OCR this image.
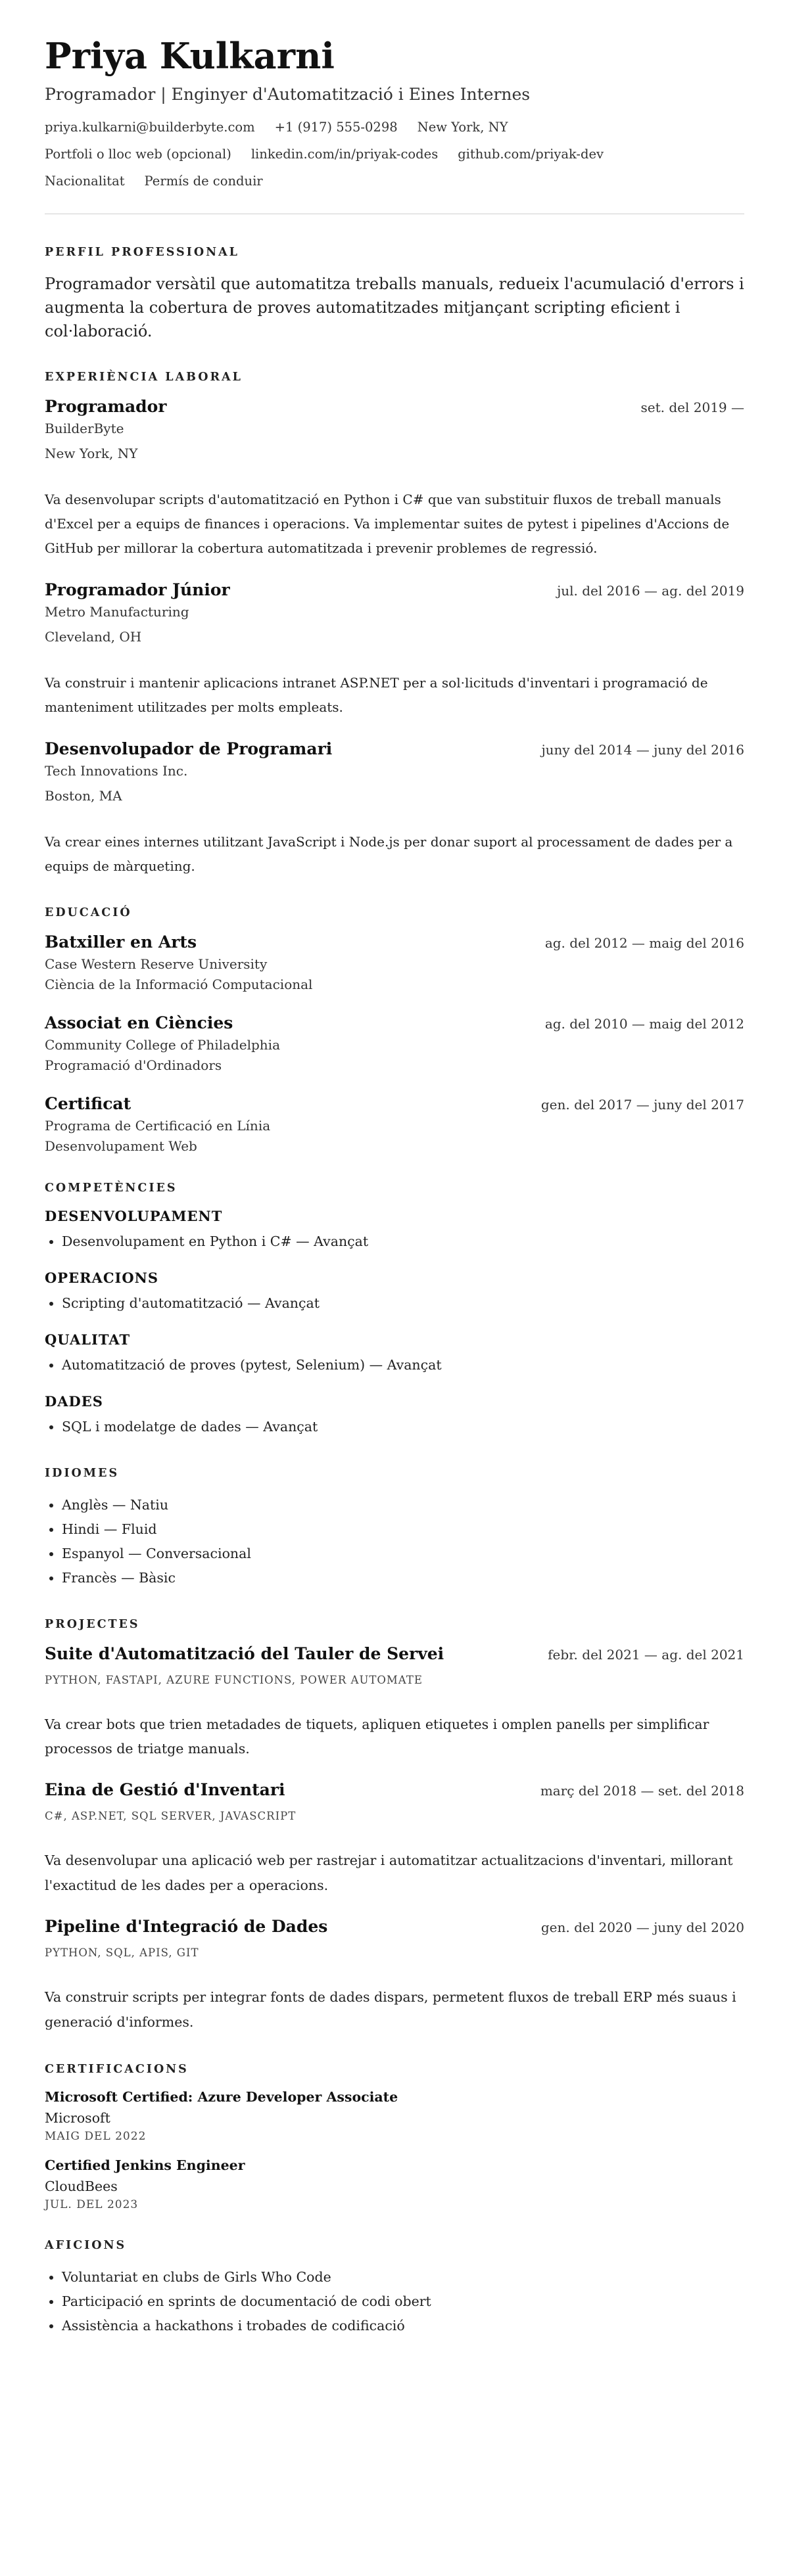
Priya Kulkarni
Programador | Enginyer d'Automatització i Eines Internes
priya.kulkarni@builderbyte.com +1 (917) 555-0298 New York, NY
Portfoli o lloc web (opcional) linkedin.com/in/priyak-codes github.com/priyak-dev
Nacionalitat Permís de conduir
PERFIL PROFESSIONAL

Programador versàtil que automatitza treballs manuals, redueix l'acumulació d'errors i augmenta la cobertura de proves automatitzades mitjançant scripting eficient i col·laboració.

EXPERIÈNCIA LABORAL
Programador	set. del 2019 —
BuilderByte
New York, NY
Va desenvolupar scripts d'automatització en Python i C# que van substituir fluxos de treball manuals d'Excel per a equips de finances i operacions. Va implementar suites de pytest i pipelines d'Accions de GitHub per millorar la cobertura automatitzada i prevenir problemes de regressió.
Programador Júnior	jul. del 2016 — ag. del 2019
Metro Manufacturing
Cleveland, OH
Va construir i mantenir aplicacions intranet ASP.NET per a sol·licituds d'inventari i programació de manteniment utilitzades per molts empleats.
Desenvolupador de Programari	juny del 2014 — juny del 2016
Tech Innovations Inc.
Boston, MA
Va crear eines internes utilitzant JavaScript i Node.js per donar suport al processament de dades per a equips de màrqueting.
EDUCACIÓ
Batxiller en Arts	ag. del 2012 — maig del 2016
Case Western Reserve University
Ciència de la Informació Computacional
Associat en Ciències	ag. del 2010 — maig del 2012
Community College of Philadelphia
Programació d'Ordinadors
Certificat	gen. del 2017 — juny del 2017
Programa de Certificació en Línia
Desenvolupament Web
COMPETÈNCIES
DESENVOLUPAMENT
• Desenvolupament en Python i C# — Avançat
OPERACIONS
• Scripting d'automatització — Avançat
QUALITAT
• Automatització de proves (pytest, Selenium) — Avançat
DADES
• SQL i modelatge de dades — Avançat
IDIOMES
• Anglès — Natiu
• Hindi — Fluid
• Espanyol — Conversacional
• Francès — Bàsic
PROJECTES
Suite d'Automatització del Tauler de Servei	febr. del 2021 — ag. del 2021
PYTHON, FASTAPI, AZURE FUNCTIONS, POWER AUTOMATE
Va crear bots que trien metadades de tiquets, apliquen etiquetes i omplen panells per simplificar processos de triatge manuals.
Eina de Gestió d'Inventari	març del 2018 — set. del 2018
C#, ASP.NET, SQL SERVER, JAVASCRIPT
Va desenvolupar una aplicació web per rastrejar i automatitzar actualitzacions d'inventari, millorant l'exactitud de les dades per a operacions.
Pipeline d'Integració de Dades	gen. del 2020 — juny del 2020
PYTHON, SQL, APIS, GIT
Va construir scripts per integrar fonts de dades dispars, permetent fluxos de treball ERP més suaus i generació d'informes.
CERTIFICACIONS
Microsoft Certified: Azure Developer Associate
Microsoft
MAIG DEL 2022
Certified Jenkins Engineer
CloudBees
JUL. DEL 2023
AFICIONS
• Voluntariat en clubs de Girls Who Code
• Participació en sprints de documentació de codi obert
• Assistència a hackathons i trobades de codificació
